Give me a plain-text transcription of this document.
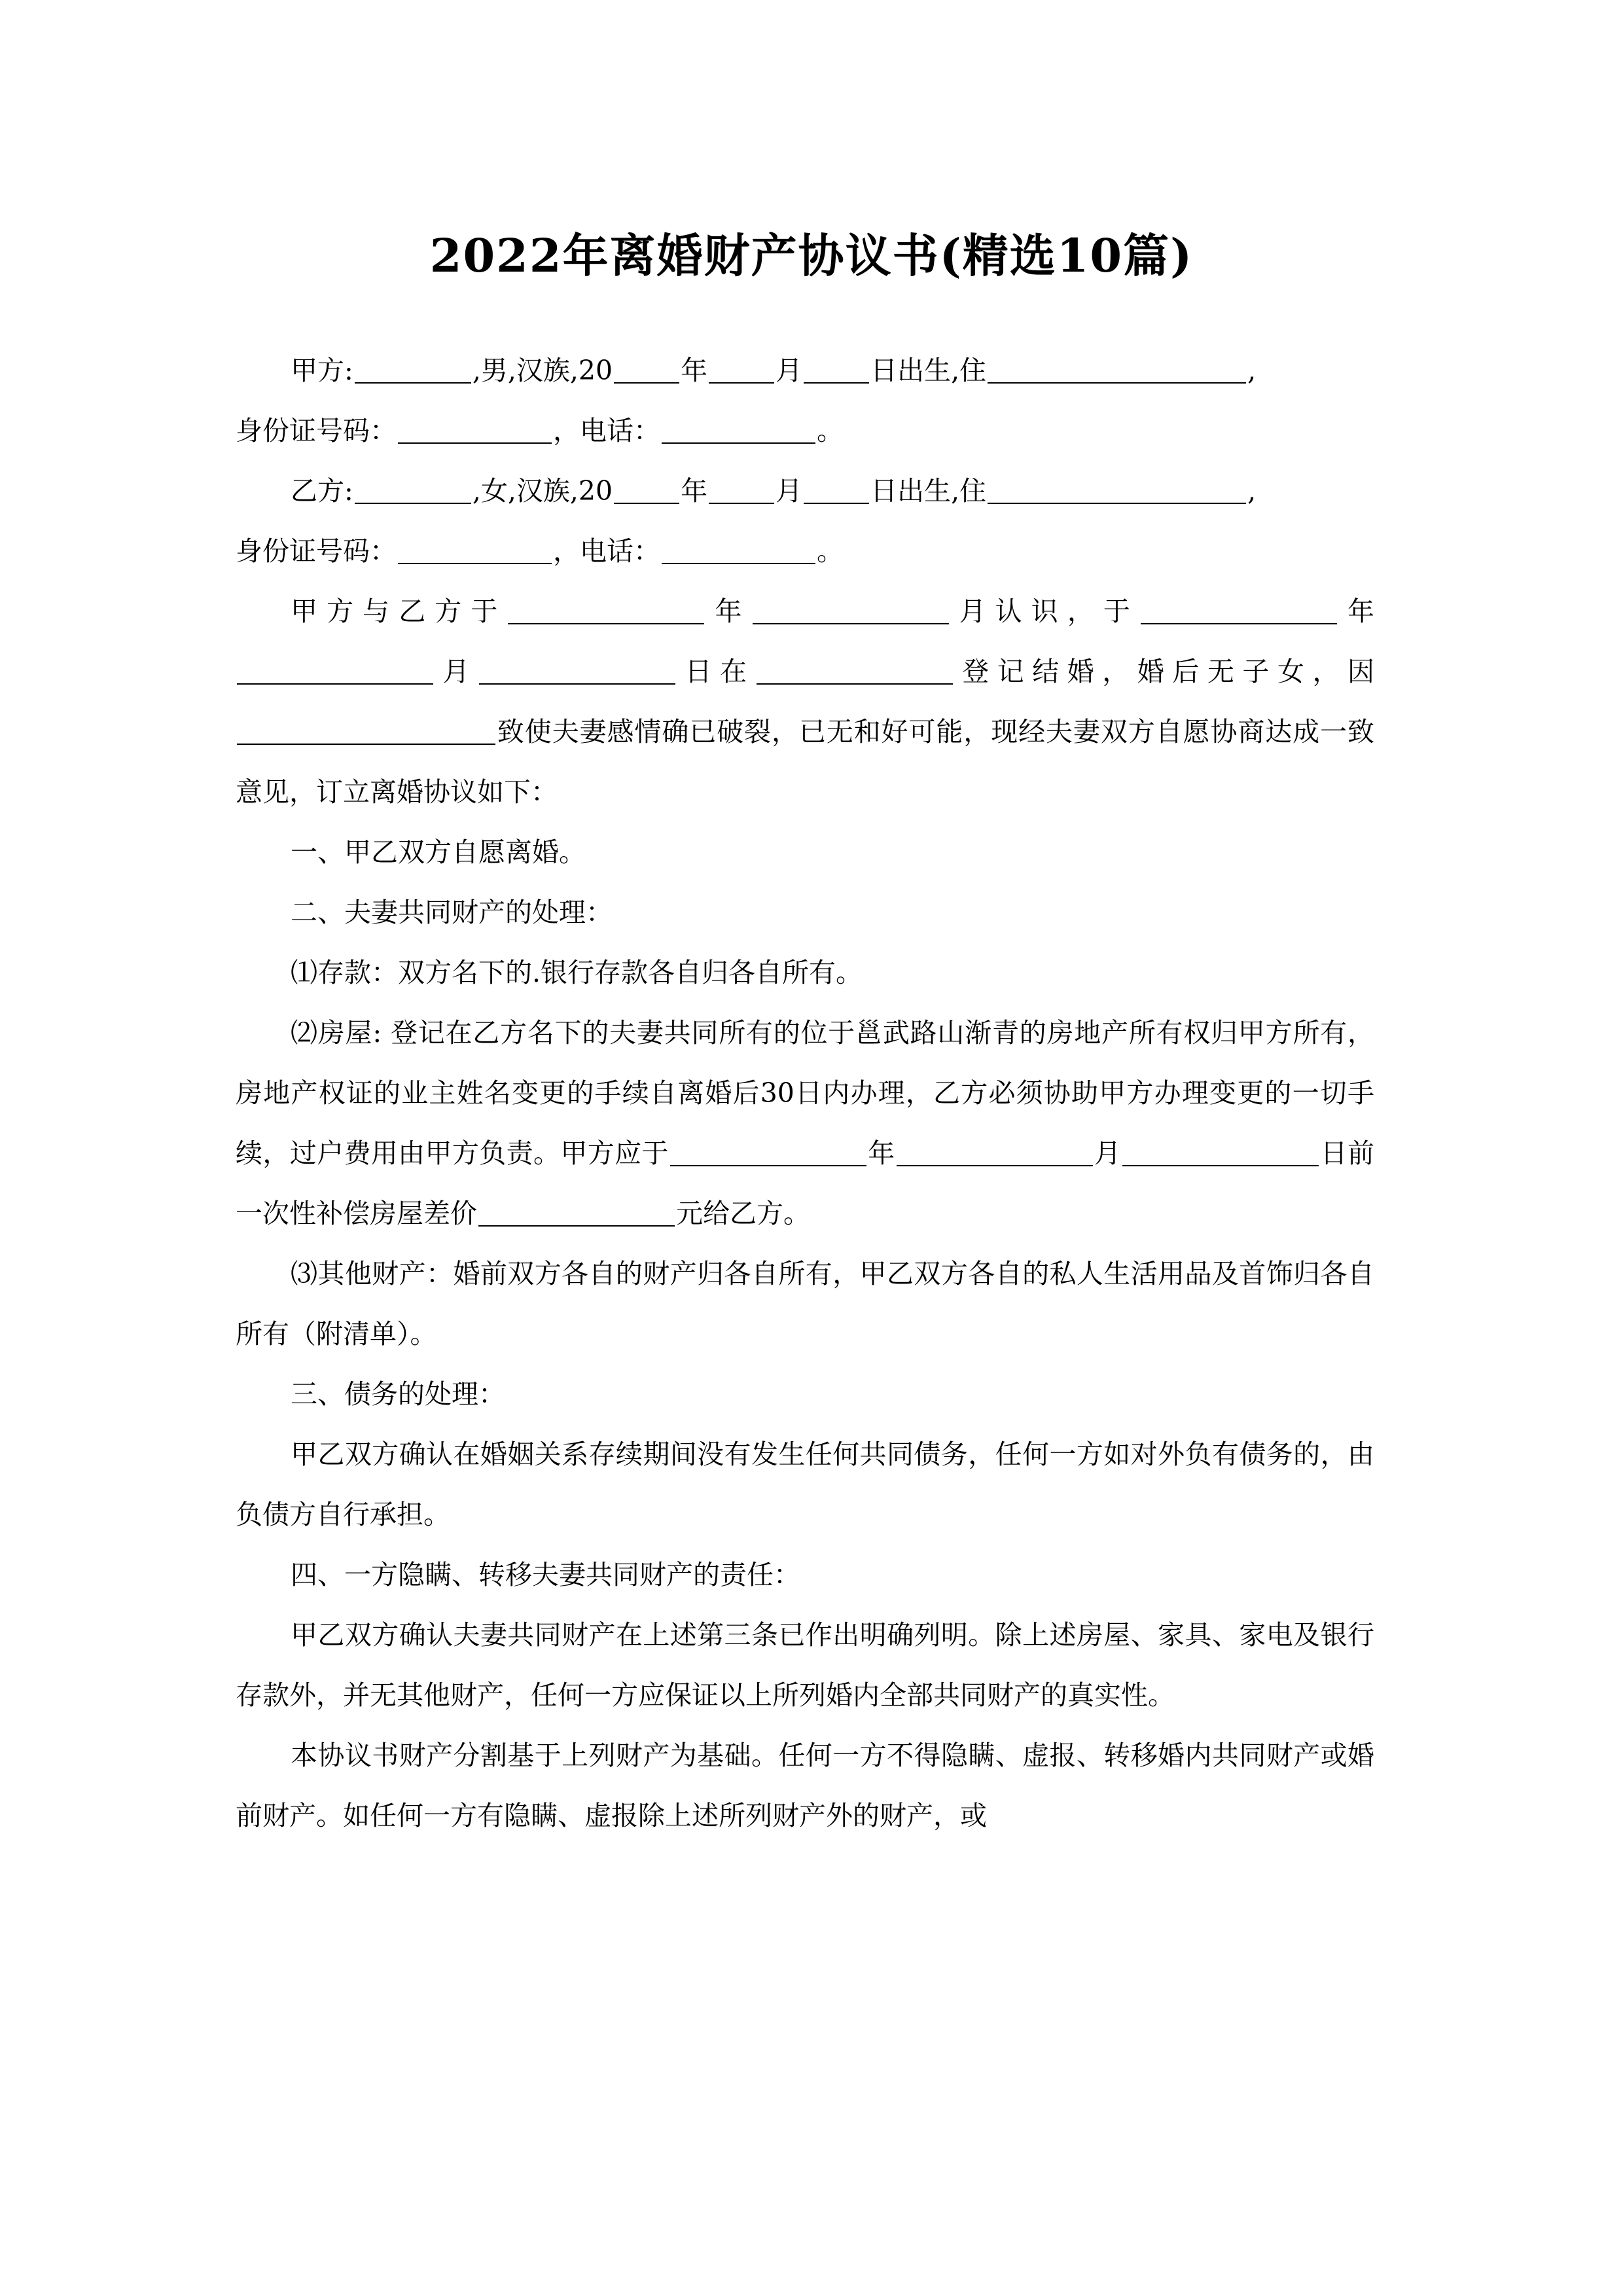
2022年离婚财产协议书(精选10篇)

甲方:	,男,汉族,20	年	月	日出生,住	,

身份证号码：	，电话：	。

乙方:	,女,汉族,20	年	月	日出生,住	,

身份证号码：	，电话：	。

甲方与乙方于	年	月认识，于	年月	日在	登记结婚，婚后无子女，因致使夫妻感情确已破裂，已无和好可能，现经夫妻双方自愿协商达成一致意见，订立离婚协议如下：

一、甲乙双方自愿离婚。

二、夫妻共同财产的处理：

⑴存款：双方名下的.银行存款各自归各自所有。

⑵房屋: 登记在乙方名下的夫妻共同所有的位于邕武路山渐青的房地产所有权归甲方所有，房地产权证的业主姓名变更的手续自离婚后30日内办理，乙方必须协助甲方办理变更的一切手续，过户费用由甲方负责。甲方应于	年	月	日前一次性补偿房屋差价	元给乙方。

⑶其他财产：婚前双方各自的财产归各自所有，甲乙双方各自的私人生活用品及首饰归各自所有（附清单）。

三、债务的处理：

甲乙双方确认在婚姻关系存续期间没有发生任何共同债务，任何一方如对外负有债务的，由负债方自行承担。

四、一方隐瞒、转移夫妻共同财产的责任：

甲乙双方确认夫妻共同财产在上述第三条已作出明确列明。除上述房屋、家具、家电及银行存款外，并无其他财产，任何一方应保证以上所列婚内全部共同财产的真实性。

本协议书财产分割基于上列财产为基础。任何一方不得隐瞒、虚报、转移婚内共同财产或婚前财产。如任何一方有隐瞒、虚报除上述所列财产外的财产，或
